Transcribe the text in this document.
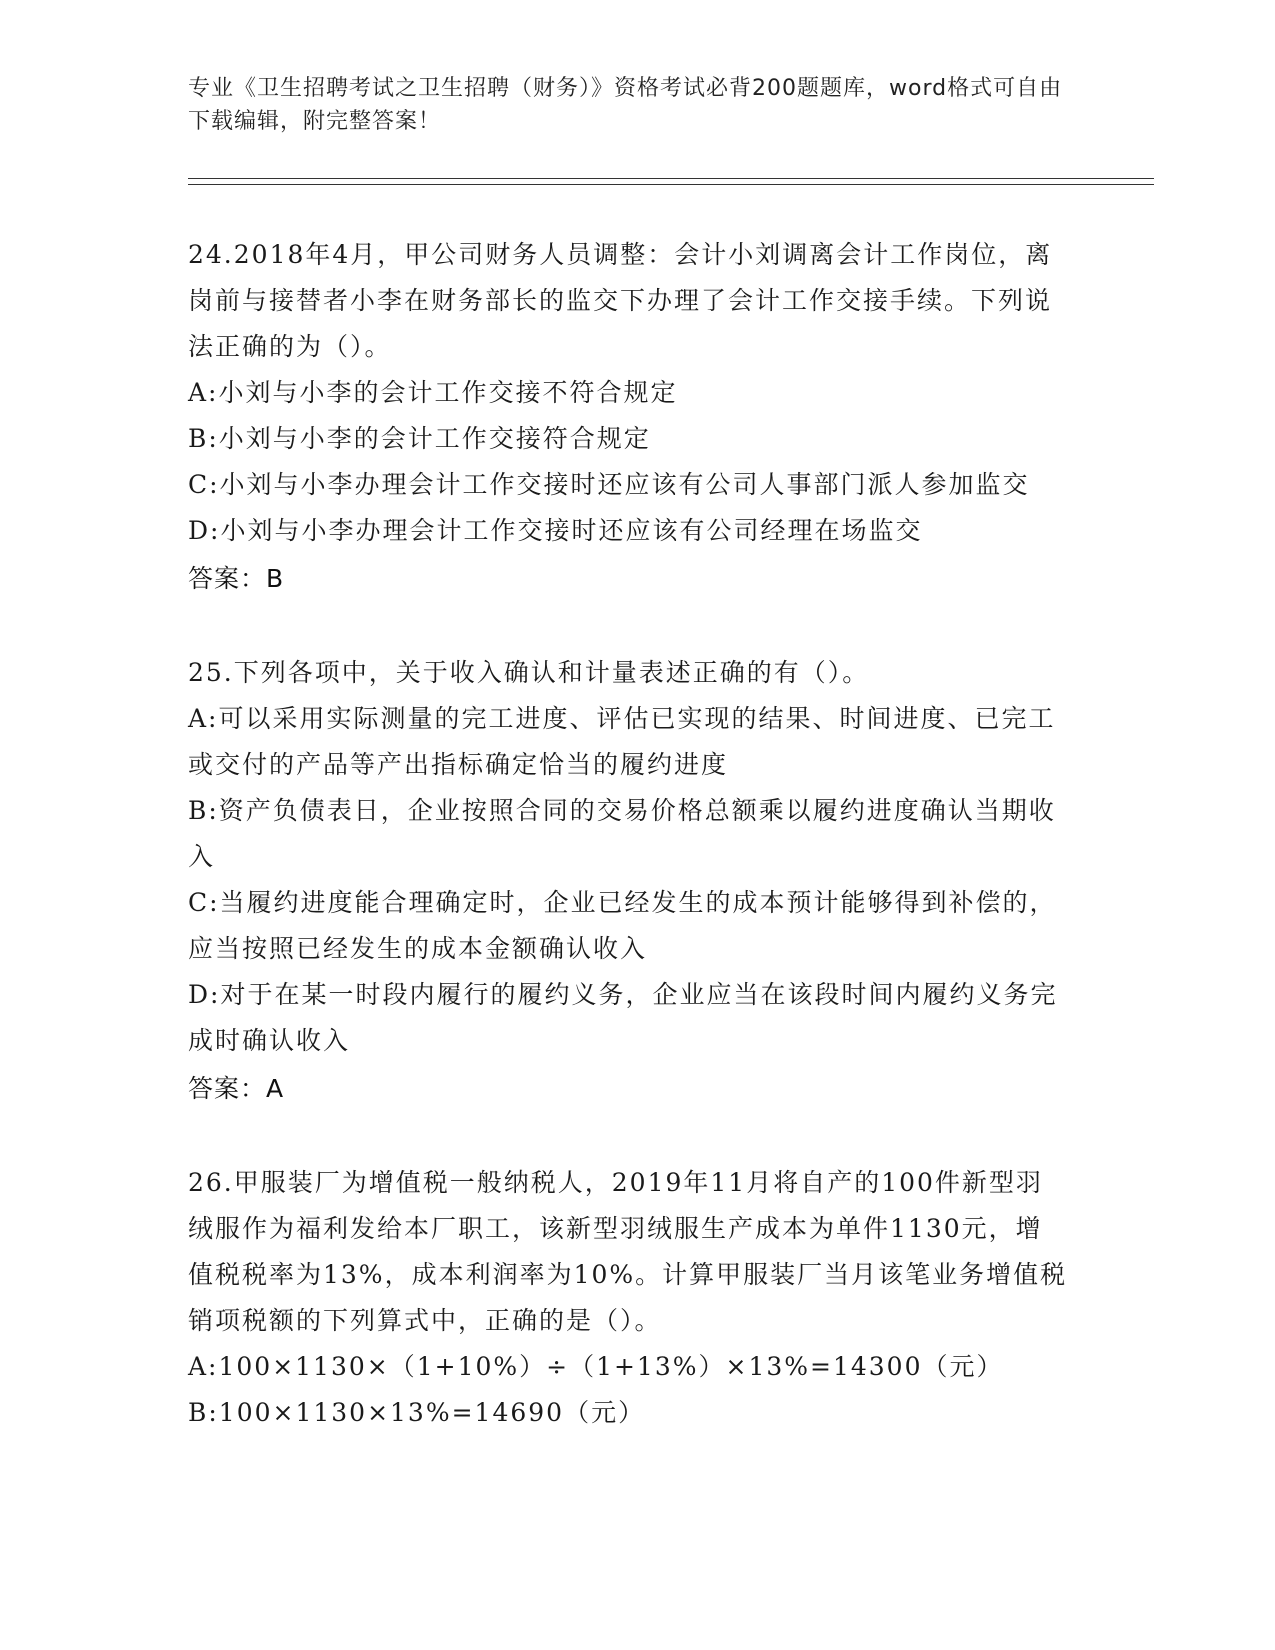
专业《卫生招聘考试之卫生招聘（财务）》资格考试必背200题题库，word格式可自由下载编辑，附完整答案！

24.2018年4月，甲公司财务人员调整：会计小刘调离会计工作岗位，离岗前与接替者小李在财务部长的监交下办理了会计工作交接手续。下列说法正确的为（）。

A:小刘与小李的会计工作交接不符合规定

B:小刘与小李的会计工作交接符合规定

C:小刘与小李办理会计工作交接时还应该有公司人事部门派人参加监交

D:小刘与小李办理会计工作交接时还应该有公司经理在场监交

答案：B

25.下列各项中，关于收入确认和计量表述正确的有（）。

A:可以采用实际测量的完工进度、评估已实现的结果、时间进度、已完工或交付的产品等产出指标确定恰当的履约进度

B:资产负债表日，企业按照合同的交易价格总额乘以履约进度确认当期收入

C:当履约进度能合理确定时，企业已经发生的成本预计能够得到补偿的，应当按照已经发生的成本金额确认收入

D:对于在某一时段内履行的履约义务，企业应当在该段时间内履约义务完成时确认收入

答案：A

26.甲服装厂为增值税一般纳税人，2019年11月将自产的100件新型羽绒服作为福利发给本厂职工，该新型羽绒服生产成本为单件1130元，增值税税率为13%，成本利润率为10%。计算甲服装厂当月该笔业务增值税销项税额的下列算式中，正确的是（）。

A:100×1130×（1+10%）÷（1+13%）×13%=14300（元）

B:100×1130×13%=14690（元）
